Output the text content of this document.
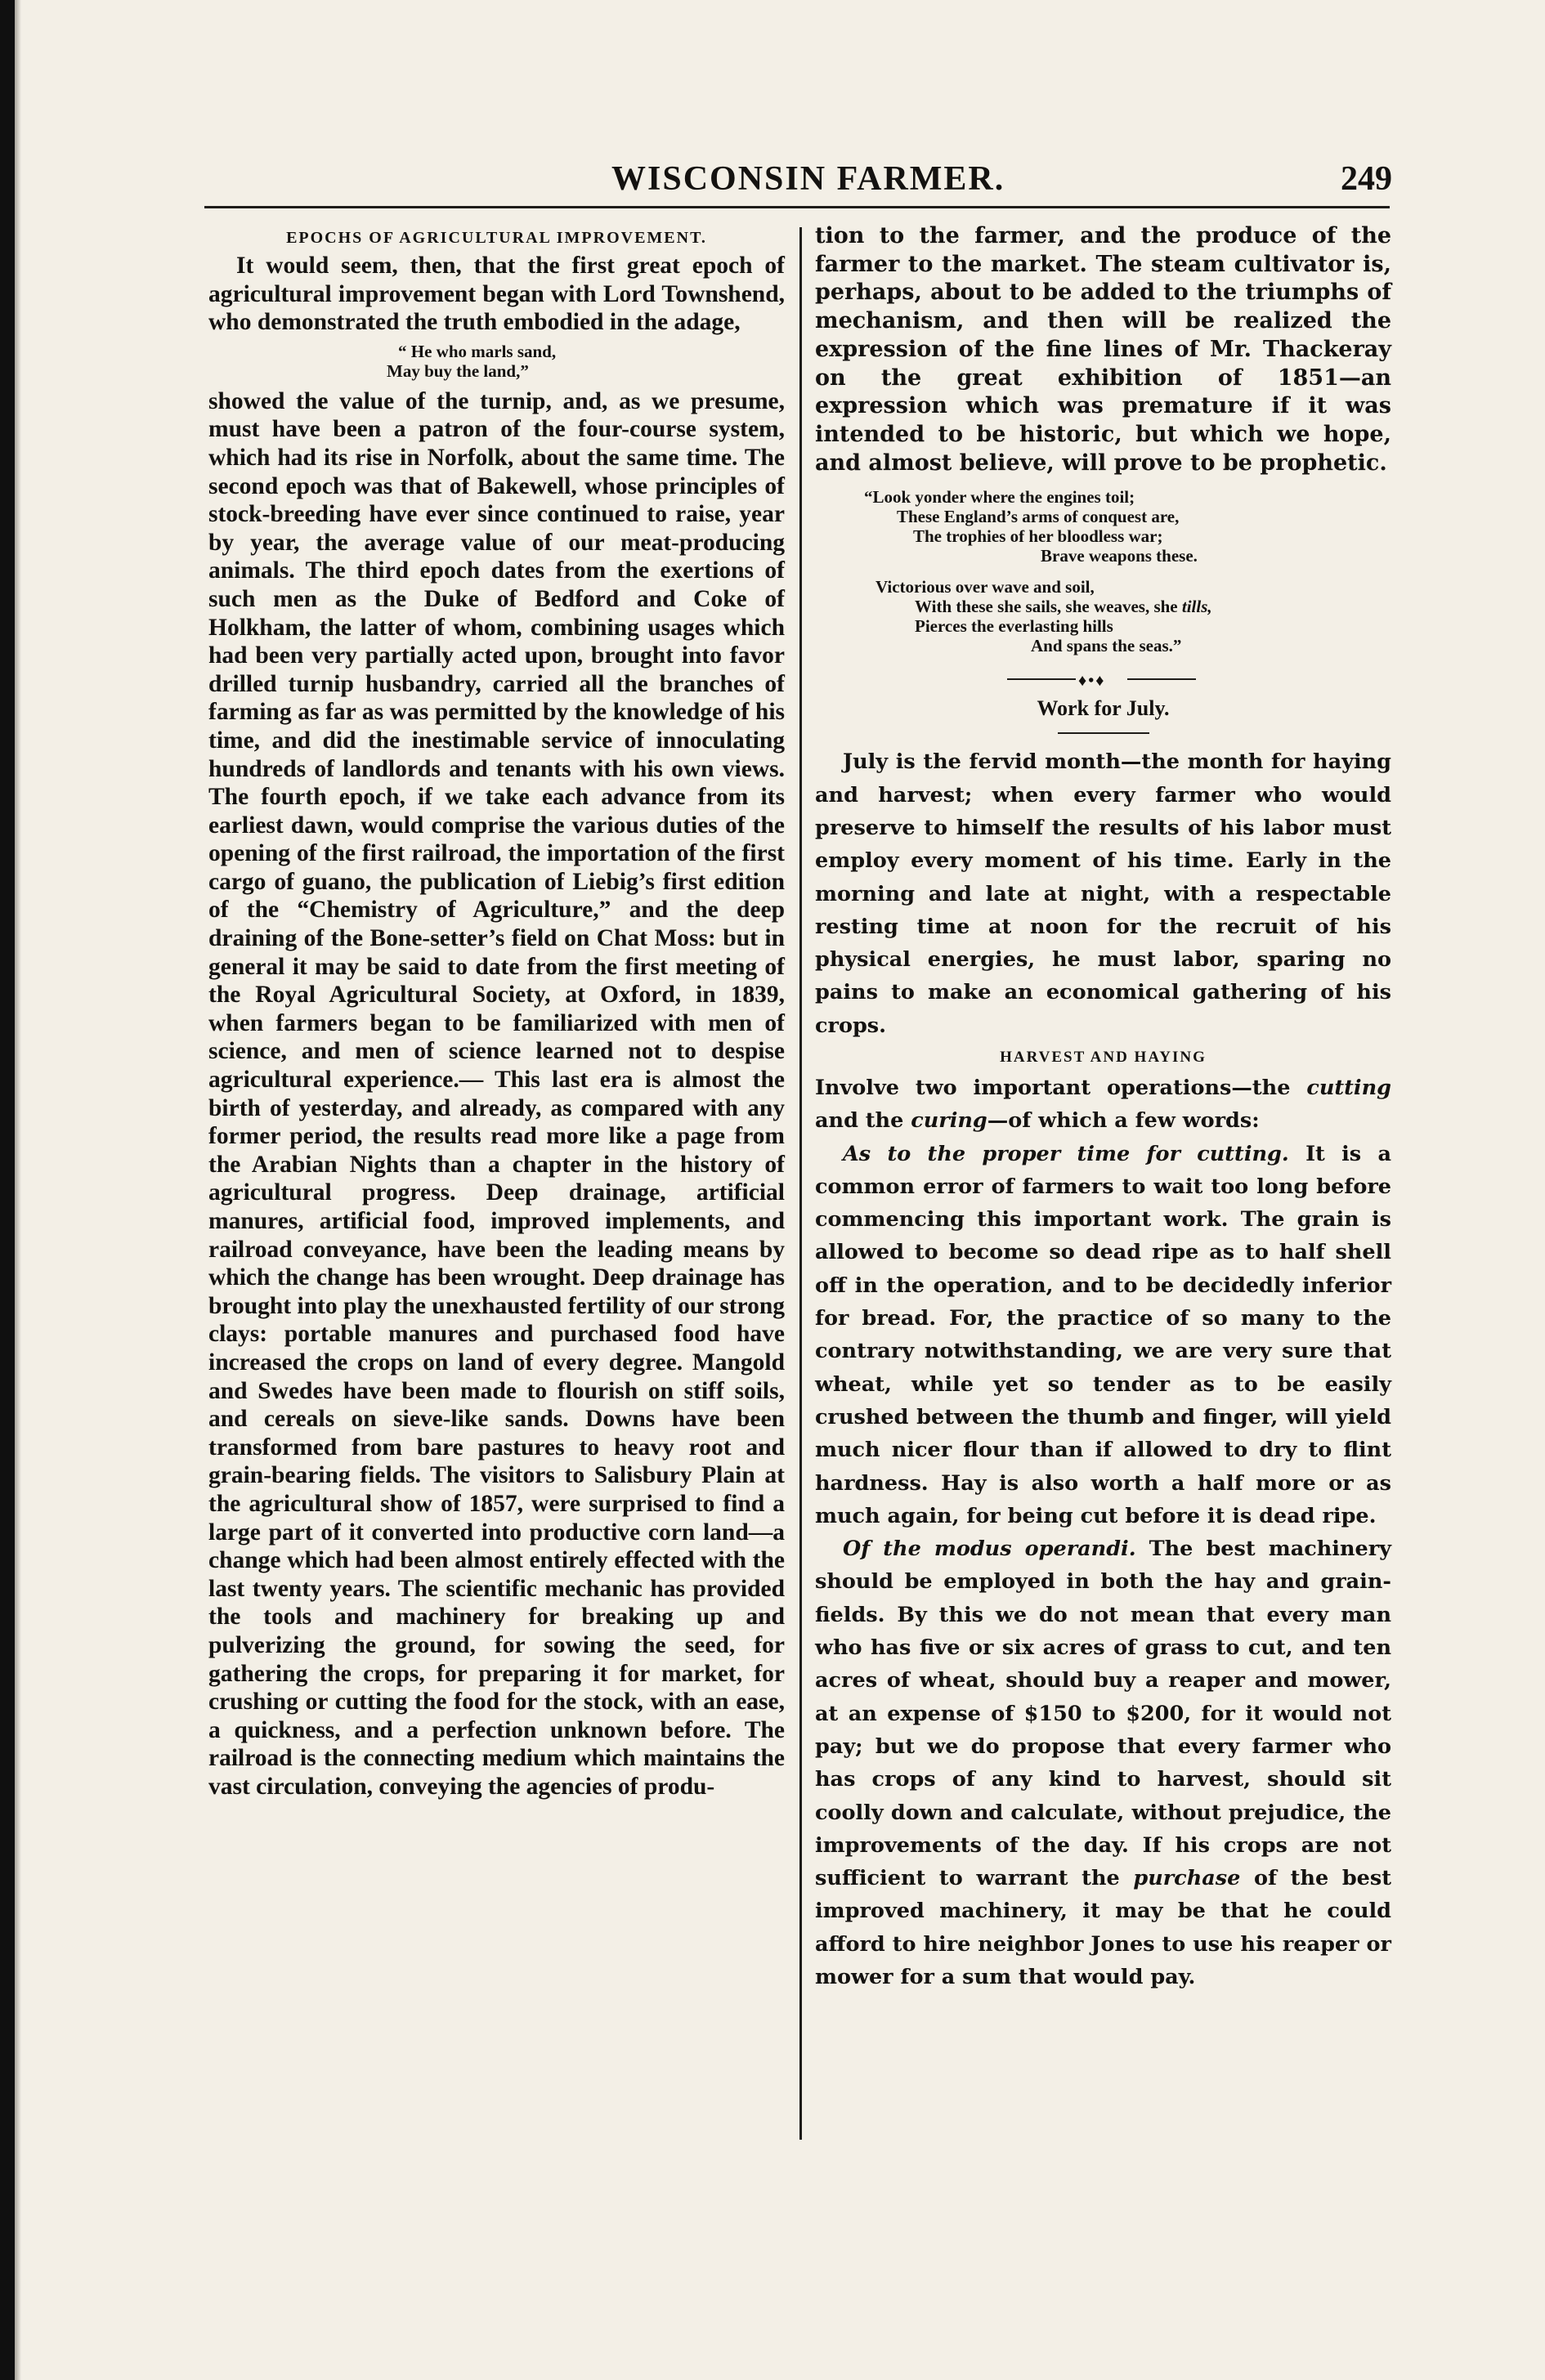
WISCONSIN FARMER.	249
EPOCHS OF AGRICULTURAL IMPROVEMENT.

It would seem, then, that the first great epoch of agricultural improvement began with Lord Townshend, who demonstrated the truth embodied in the adage,

“ He who marls sand,
May buy the land,”

showed the value of the turnip, and, as we presume, must have been a patron of the four-course system, which had its rise in Norfolk, about the same time. The second epoch was that of Bakewell, whose principles of stock-breeding have ever since continued to raise, year by year, the average value of our meat-producing animals. The third epoch dates from the exertions of such men as the Duke of Bedford and Coke of Holkham, the latter of whom, combining usages which had been very partially acted upon, brought into favor drilled turnip husbandry, carried all the branches of farming as far as was permitted by the knowledge of his time, and did the inestimable service of innoculating hundreds of landlords and tenants with his own views. The fourth epoch, if we take each advance from its earliest dawn, would comprise the various duties of the opening of the first railroad, the importation of the first cargo of guano, the publication of Liebig’s first edition of the “Chemistry of Agriculture,” and the deep draining of the Bone-setter’s field on Chat Moss: but in general it may be said to date from the first meeting of the Royal Agricultural Society, at Oxford, in 1839, when farmers began to be familiarized with men of science, and men of science learned not to despise agricultural experience.— This last era is almost the birth of yesterday, and already, as compared with any former period, the results read more like a page from the Arabian Nights than a chapter in the history of agricultural progress. Deep drainage, artificial manures, artificial food, improved implements, and railroad conveyance, have been the leading means by which the change has been wrought. Deep drainage has brought into play the unexhausted fertility of our strong clays: portable manures and purchased food have increased the crops on land of every degree. Mangold and Swedes have been made to flourish on stiff soils, and cereals on sieve-like sands. Downs have been transformed from bare pastures to heavy root and grain-bearing fields. The visitors to Salisbury Plain at the agricultural show of 1857, were surprised to find a large part of it converted into productive corn land—a change which had been almost entirely effected with the last twenty years. The scientific mechanic has provided the tools and machinery for breaking up and pulverizing the ground, for sowing the seed, for gathering the crops, for preparing it for market, for crushing or cutting the food for the stock, with an ease, a quickness, and a perfection unknown before. The railroad is the connecting medium which maintains the vast circulation, conveying the agencies of produ-

tion to the farmer, and the produce of the farmer to the market. The steam cultivator is, perhaps, about to be added to the triumphs of mechanism, and then will be realized the expression of the fine lines of Mr. Thackeray on the great exhibition of 1851—an expression which was premature if it was intended to be historic, but which we hope, and almost believe, will prove to be prophetic.

“Look yonder where the engines toil;
These England’s arms of conquest are,
The trophies of her bloodless war;
Brave weapons these.
Victorious over wave and soil,
With these she sails, she weaves, she tills,
Pierces the everlasting hills
And spans the seas.”
♦•♦
Work for July.

July is the fervid month—the month for haying and harvest; when every farmer who would preserve to himself the results of his labor must employ every moment of his time. Early in the morning and late at night, with a respectable resting time at noon for the recruit of his physical energies, he must labor, sparing no pains to make an economical gathering of his crops.

HARVEST AND HAYING

Involve two important operations—the cutting and the curing—of which a few words:

As to the proper time for cutting. It is a common error of farmers to wait too long before commencing this important work. The grain is allowed to become so dead ripe as to half shell off in the operation, and to be decidedly inferior for bread. For, the practice of so many to the contrary notwithstanding, we are very sure that wheat, while yet so tender as to be easily crushed between the thumb and finger, will yield much nicer flour than if allowed to dry to flint hardness. Hay is also worth a half more or as much again, for being cut before it is dead ripe.

Of the modus operandi. The best machinery should be employed in both the hay and grain-fields. By this we do not mean that every man who has five or six acres of grass to cut, and ten acres of wheat, should buy a reaper and mower, at an expense of $150 to $200, for it would not pay; but we do propose that every farmer who has crops of any kind to harvest, should sit coolly down and calculate, without prejudice, the improvements of the day. If his crops are not sufficient to warrant the purchase of the best improved machinery, it may be that he could afford to hire neighbor Jones to use his reaper or mower for a sum that would pay.
